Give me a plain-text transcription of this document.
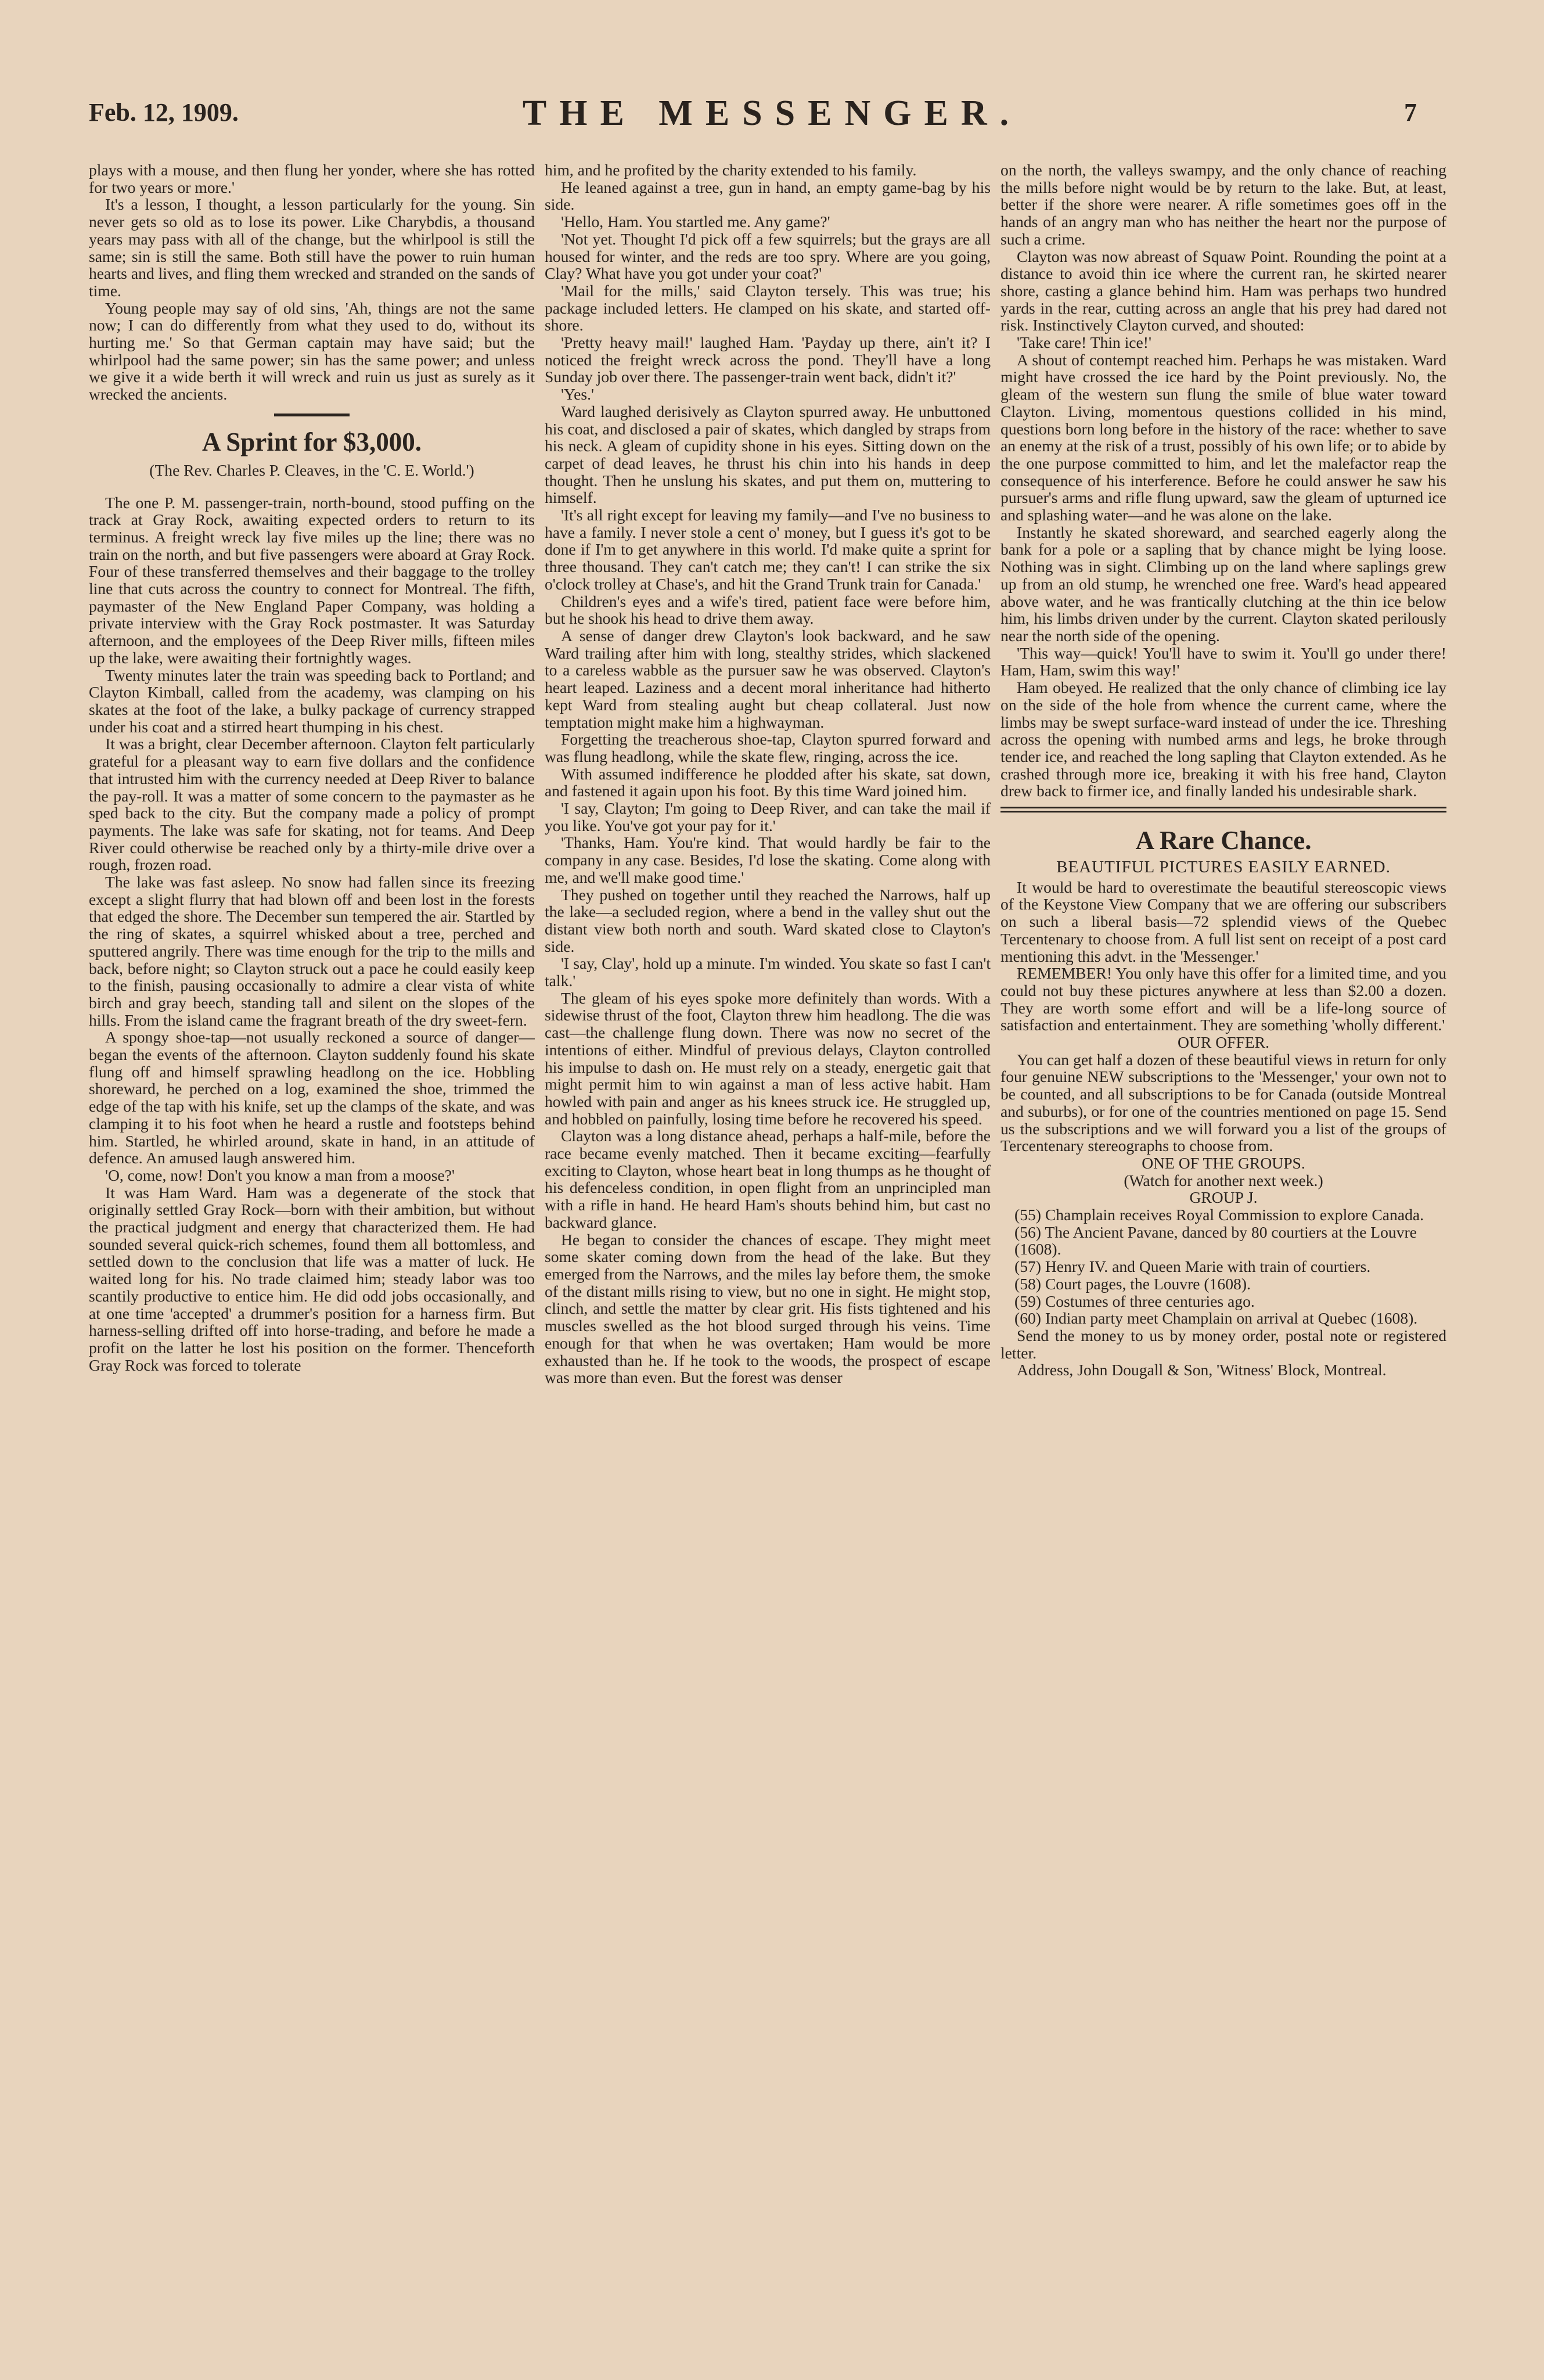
Feb. 12, 1909.	THE MESSENGER.	7

plays with a mouse, and then flung her yonder, where she has rotted for two years or more.'

It's a lesson, I thought, a lesson particularly for the young. Sin never gets so old as to lose its power. Like Charybdis, a thousand years may pass with all of the change, but the whirlpool is still the same; sin is still the same. Both still have the power to ruin human hearts and lives, and fling them wrecked and stranded on the sands of time.

Young people may say of old sins, 'Ah, things are not the same now; I can do differently from what they used to do, without its hurting me.' So that German captain may have said; but the whirlpool had the same power; sin has the same power; and unless we give it a wide berth it will wreck and ruin us just as surely as it wrecked the ancients.

A Sprint for $3,000.

(The Rev. Charles P. Cleaves, in the 'C. E. World.')

The one P. M. passenger-train, north-bound, stood puffing on the track at Gray Rock, awaiting expected orders to return to its terminus. A freight wreck lay five miles up the line; there was no train on the north, and but five passengers were aboard at Gray Rock. Four of these transferred themselves and their baggage to the trolley line that cuts across the country to connect for Montreal. The fifth, paymaster of the New England Paper Company, was holding a private interview with the Gray Rock postmaster. It was Saturday afternoon, and the employees of the Deep River mills, fifteen miles up the lake, were awaiting their fortnightly wages.

Twenty minutes later the train was speeding back to Portland; and Clayton Kimball, called from the academy, was clamping on his skates at the foot of the lake, a bulky package of currency strapped under his coat and a stirred heart thumping in his chest.

It was a bright, clear December afternoon. Clayton felt particularly grateful for a pleasant way to earn five dollars and the confidence that intrusted him with the currency needed at Deep River to balance the pay-roll. It was a matter of some concern to the paymaster as he sped back to the city. But the company made a policy of prompt payments. The lake was safe for skating, not for teams. And Deep River could otherwise be reached only by a thirty-mile drive over a rough, frozen road.

The lake was fast asleep. No snow had fallen since its freezing except a slight flurry that had blown off and been lost in the forests that edged the shore. The December sun tempered the air. Startled by the ring of skates, a squirrel whisked about a tree, perched and sputtered angrily. There was time enough for the trip to the mills and back, before night; so Clayton struck out a pace he could easily keep to the finish, pausing occasionally to admire a clear vista of white birch and gray beech, standing tall and silent on the slopes of the hills. From the island came the fragrant breath of the dry sweet-fern.

A spongy shoe-tap—not usually reckoned a source of danger—began the events of the afternoon. Clayton suddenly found his skate flung off and himself sprawling headlong on the ice. Hobbling shoreward, he perched on a log, examined the shoe, trimmed the edge of the tap with his knife, set up the clamps of the skate, and was clamping it to his foot when he heard a rustle and footsteps behind him. Startled, he whirled around, skate in hand, in an attitude of defence. An amused laugh answered him.

'O, come, now! Don't you know a man from a moose?'

It was Ham Ward. Ham was a degenerate of the stock that originally settled Gray Rock—born with their ambition, but without the practical judgment and energy that characterized them. He had sounded several quick-rich schemes, found them all bottomless, and settled down to the conclusion that life was a matter of luck. He waited long for his. No trade claimed him; steady labor was too scantily productive to entice him. He did odd jobs occasionally, and at one time 'accepted' a drummer's position for a harness firm. But harness-selling drifted off into horse-trading, and before he made a profit on the latter he lost his position on the former. Thenceforth Gray Rock was forced to tolerate

him, and he profited by the charity extended to his family.

He leaned against a tree, gun in hand, an empty game-bag by his side.

'Hello, Ham. You startled me. Any game?'

'Not yet. Thought I'd pick off a few squirrels; but the grays are all housed for winter, and the reds are too spry. Where are you going, Clay? What have you got under your coat?'

'Mail for the mills,' said Clayton tersely. This was true; his package included letters. He clamped on his skate, and started off-shore.

'Pretty heavy mail!' laughed Ham. 'Payday up there, ain't it? I noticed the freight wreck across the pond. They'll have a long Sunday job over there. The passenger-train went back, didn't it?'

'Yes.'

Ward laughed derisively as Clayton spurred away. He unbuttoned his coat, and disclosed a pair of skates, which dangled by straps from his neck. A gleam of cupidity shone in his eyes. Sitting down on the carpet of dead leaves, he thrust his chin into his hands in deep thought. Then he unslung his skates, and put them on, muttering to himself.

'It's all right except for leaving my family—and I've no business to have a family. I never stole a cent o' money, but I guess it's got to be done if I'm to get anywhere in this world. I'd make quite a sprint for three thousand. They can't catch me; they can't! I can strike the six o'clock trolley at Chase's, and hit the Grand Trunk train for Canada.'

Children's eyes and a wife's tired, patient face were before him, but he shook his head to drive them away.

A sense of danger drew Clayton's look backward, and he saw Ward trailing after him with long, stealthy strides, which slackened to a careless wabble as the pursuer saw he was observed. Clayton's heart leaped. Laziness and a decent moral inheritance had hitherto kept Ward from stealing aught but cheap collateral. Just now temptation might make him a highwayman.

Forgetting the treacherous shoe-tap, Clayton spurred forward and was flung headlong, while the skate flew, ringing, across the ice.

With assumed indifference he plodded after his skate, sat down, and fastened it again upon his foot. By this time Ward joined him.

'I say, Clayton; I'm going to Deep River, and can take the mail if you like. You've got your pay for it.'

'Thanks, Ham. You're kind. That would hardly be fair to the company in any case. Besides, I'd lose the skating. Come along with me, and we'll make good time.'

They pushed on together until they reached the Narrows, half up the lake—a secluded region, where a bend in the valley shut out the distant view both north and south. Ward skated close to Clayton's side.

'I say, Clay', hold up a minute. I'm winded. You skate so fast I can't talk.'

The gleam of his eyes spoke more definitely than words. With a sidewise thrust of the foot, Clayton threw him headlong. The die was cast—the challenge flung down. There was now no secret of the intentions of either. Mindful of previous delays, Clayton controlled his impulse to dash on. He must rely on a steady, energetic gait that might permit him to win against a man of less active habit. Ham howled with pain and anger as his knees struck ice. He struggled up, and hobbled on painfully, losing time before he recovered his speed.

Clayton was a long distance ahead, perhaps a half-mile, before the race became evenly matched. Then it became exciting—fearfully exciting to Clayton, whose heart beat in long thumps as he thought of his defenceless condition, in open flight from an unprincipled man with a rifle in hand. He heard Ham's shouts behind him, but cast no backward glance.

He began to consider the chances of escape. They might meet some skater coming down from the head of the lake. But they emerged from the Narrows, and the miles lay before them, the smoke of the distant mills rising to view, but no one in sight. He might stop, clinch, and settle the matter by clear grit. His fists tightened and his muscles swelled as the hot blood surged through his veins. Time enough for that when he was overtaken; Ham would be more exhausted than he. If he took to the woods, the prospect of escape was more than even. But the forest was denser

on the north, the valleys swampy, and the only chance of reaching the mills before night would be by return to the lake. But, at least, better if the shore were nearer. A rifle sometimes goes off in the hands of an angry man who has neither the heart nor the purpose of such a crime.

Clayton was now abreast of Squaw Point. Rounding the point at a distance to avoid thin ice where the current ran, he skirted nearer shore, casting a glance behind him. Ham was perhaps two hundred yards in the rear, cutting across an angle that his prey had dared not risk. Instinctively Clayton curved, and shouted:

'Take care! Thin ice!'

A shout of contempt reached him. Perhaps he was mistaken. Ward might have crossed the ice hard by the Point previously. No, the gleam of the western sun flung the smile of blue water toward Clayton. Living, momentous questions collided in his mind, questions born long before in the history of the race: whether to save an enemy at the risk of a trust, possibly of his own life; or to abide by the one purpose committed to him, and let the malefactor reap the consequence of his interference. Before he could answer he saw his pursuer's arms and rifle flung upward, saw the gleam of upturned ice and splashing water—and he was alone on the lake.

Instantly he skated shoreward, and searched eagerly along the bank for a pole or a sapling that by chance might be lying loose. Nothing was in sight. Climbing up on the land where saplings grew up from an old stump, he wrenched one free. Ward's head appeared above water, and he was frantically clutching at the thin ice below him, his limbs driven under by the current. Clayton skated perilously near the north side of the opening.

'This way—quick! You'll have to swim it. You'll go under there! Ham, Ham, swim this way!'

Ham obeyed. He realized that the only chance of climbing ice lay on the side of the hole from whence the current came, where the limbs may be swept surface-ward instead of under the ice. Threshing across the opening with numbed arms and legs, he broke through tender ice, and reached the long sapling that Clayton extended. As he crashed through more ice, breaking it with his free hand, Clayton drew back to firmer ice, and finally landed his undesirable shark.

A Rare Chance.
BEAUTIFUL PICTURES EASILY EARNED.

It would be hard to overestimate the beautiful stereoscopic views of the Keystone View Company that we are offering our subscribers on such a liberal basis—72 splendid views of the Quebec Tercentenary to choose from. A full list sent on receipt of a post card mentioning this advt. in the 'Messenger.'

REMEMBER! You only have this offer for a limited time, and you could not buy these pictures anywhere at less than $2.00 a dozen. They are worth some effort and will be a life-long source of satisfaction and entertainment. They are something 'wholly different.'

OUR OFFER.

You can get half a dozen of these beautiful views in return for only four genuine NEW subscriptions to the 'Messenger,' your own not to be counted, and all subscriptions to be for Canada (outside Montreal and suburbs), or for one of the countries mentioned on page 15. Send us the subscriptions and we will forward you a list of the groups of Tercentenary stereographs to choose from.

ONE OF THE GROUPS.

(Watch for another next week.)

GROUP J.

(55) Champlain receives Royal Commission to explore Canada.

(56) The Ancient Pavane, danced by 80 courtiers at the Louvre (1608).

(57) Henry IV. and Queen Marie with train of courtiers.

(58) Court pages, the Louvre (1608).

(59) Costumes of three centuries ago.

(60) Indian party meet Champlain on arrival at Quebec (1608).

Send the money to us by money order, postal note or registered letter.

Address, John Dougall & Son, 'Witness' Block, Montreal.
